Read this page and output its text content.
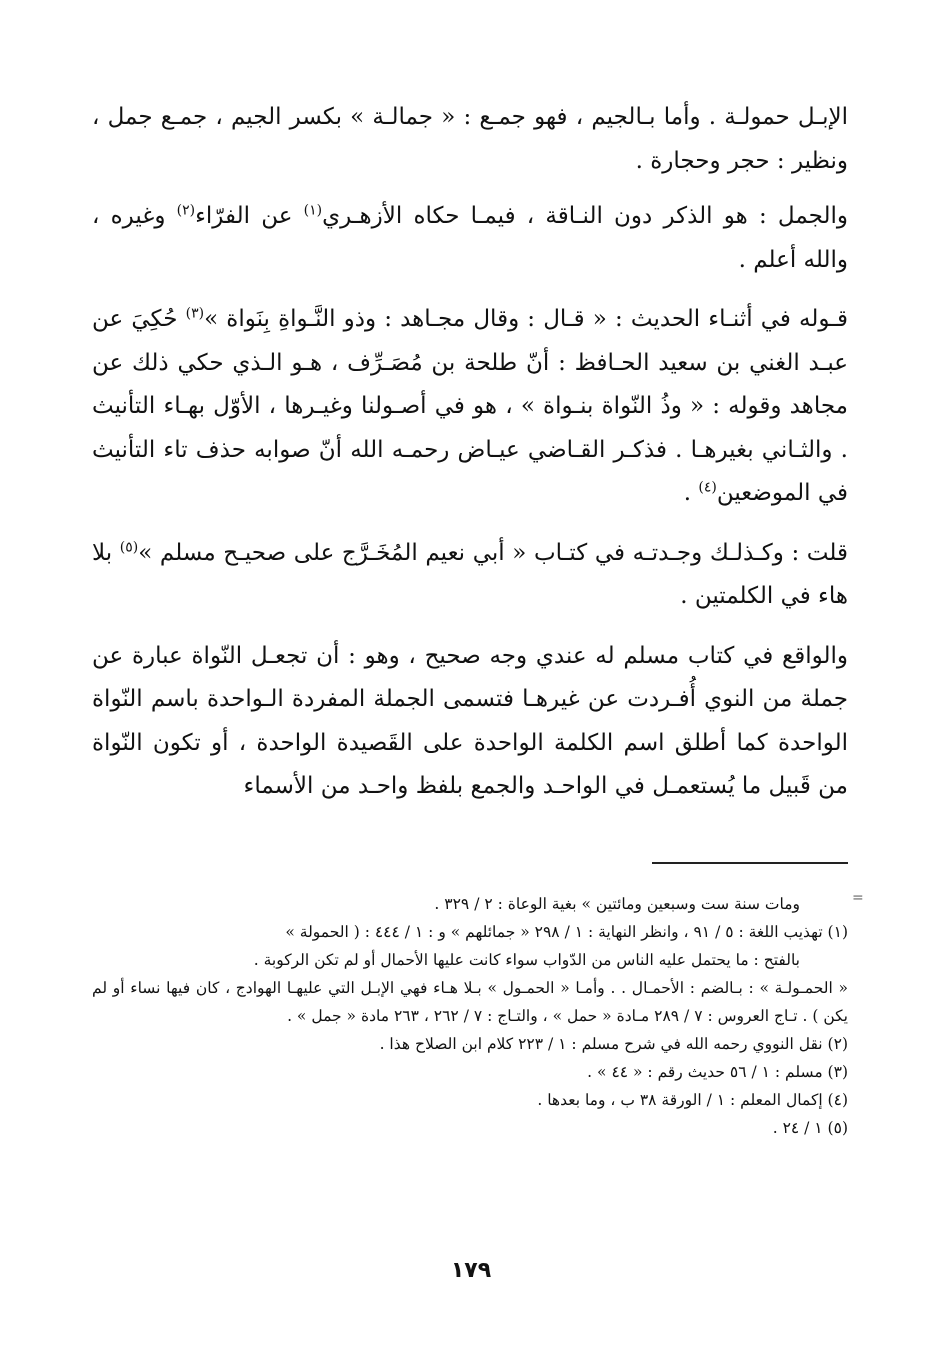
الإبـل حمولـة . وأما بـالجيم ، فهو جمـع : « جمالـة » بكسر الجيم ، جمـع جمل ، ونظير : حجر وحجارة .

والجمل : هو الذكر دون النـاقة ، فيمـا حكاه الأزهـري$^{(١)}$ عن الفرّاء$^{(٢)}$ وغيره ، والله أعلم .

قـوله في أثنـاء الحديث : « قـال : وقال مجـاهد : وذو النَّـواةِ بِنَواة »$^{(٣)}$ حُكِيَ عن عبـد الغني بن سعيد الحـافظ : أنّ طلحة بن مُصَـرِّف ، هـو الـذي حكي ذلك عن مجاهد وقوله : « وذُ النّواة بنـواة » ، هو في أصـولنا وغيـرها ، الأوّل بهـاء التأنيث . والثـاني بغيرهـا . فذكـر القـاضي عيـاض رحمـه الله أنّ صوابه حذف تاء التأنيث في الموضعين$^{(٤)}$ .

قلت : وكـذلـك وجـدتـه في كتـاب « أبي نعيم المُخَـرَّج على صحيـح مسلم »$^{(٥)}$ بلا هاء في الكلمتين .

والواقع في كتاب مسلم له عندي وجه صحيح ، وهو : أن تجعـل النّواة عبارة عن جملة من النوي أُفـردت عن غيرهـا فتسمى الجملة المفردة الـواحدة باسم النّواة الواحدة كما أطلق اسم الكلمة الواحدة على القَصيدة الواحدة ، أو تكون النّواة من قَبيل ما يُستعمـل في الواحـد والجمع بلفظ واحـد من الأسماء

=

ومات سنة ست وسبعين ومائتين » بغية الوعاة : ٢ / ٣٢٩ .

(١) تهذيب اللغة : ٥ / ٩١ ، وانظر النهاية : ١ / ٢٩٨ « جمائلهم » و : ١ / ٤٤٤ : ( الحمولة »

بالفتح : ما يحتمل عليه الناس من الدّواب سواء كانت عليها الأحمال أو لم تكن الركوبة .

« الحمـولـة » : بـالضم : الأحمـال . . وأمـا « الحمـول » بـلا هـاء فهي الإبـل التي عليهـا الهوادج ، كان فيها نساء أو لم يكن ) . تـاج العروس : ٧ / ٢٨٩ مـادة « حمل » ، والتـاج : ٧ / ٢٦٢ ، ٢٦٣ مادة « جمل » .

(٢) نقل النووي رحمه الله في شرح مسلم : ١ / ٢٢٣ كلام ابن الصلاح هذا .

(٣) مسلم : ١ / ٥٦ حديث رقم : « ٤٤ » .

(٤) إكمال المعلم : ١ / الورقة ٣٨ ب ، وما بعدها .

(٥) ١ / ٢٤ .

١٧٩
